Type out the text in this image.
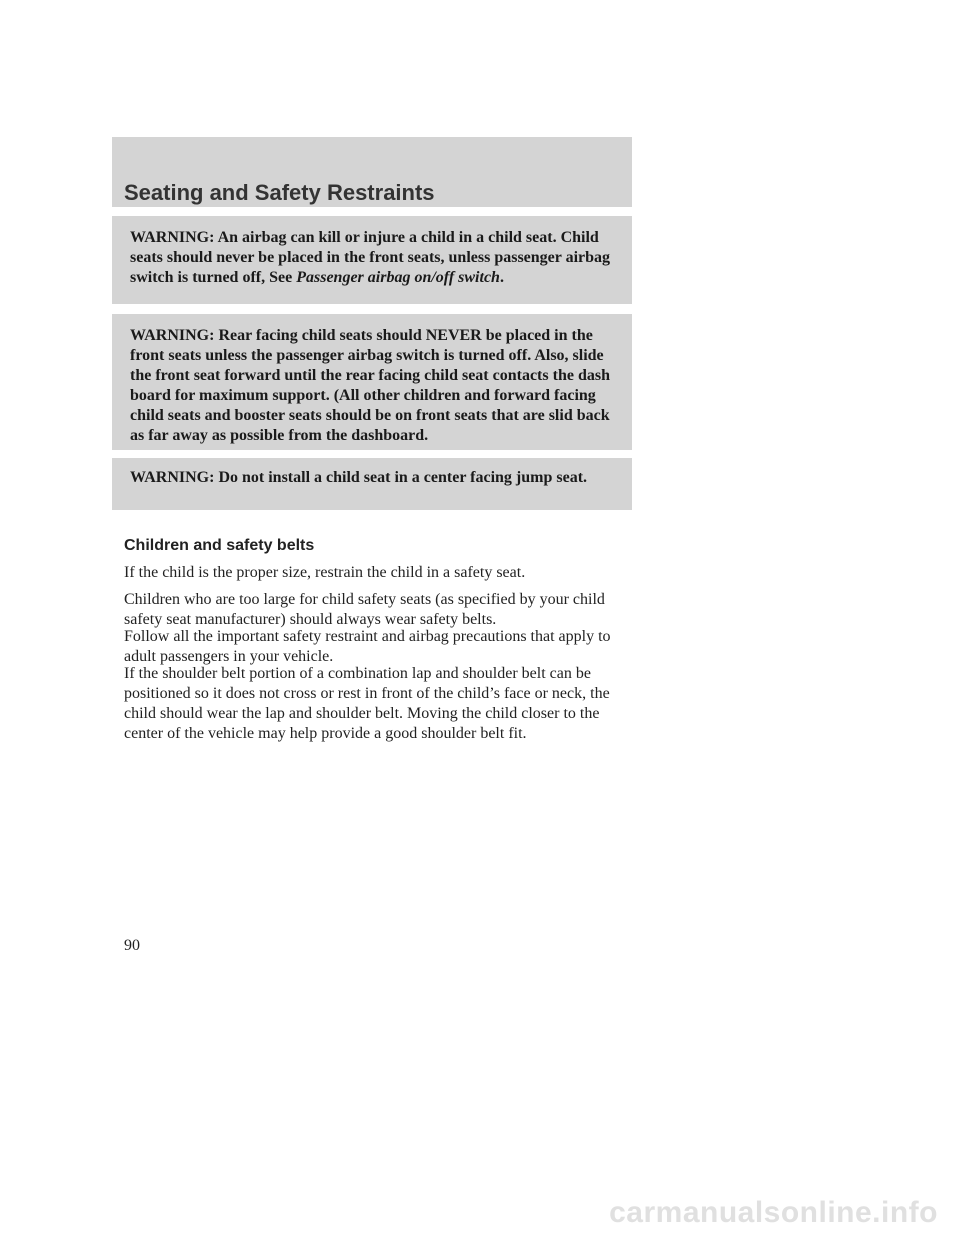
Seating and Safety Restraints

WARNING: An airbag can kill or injure a child in a child seat. Child seats should never be placed in the front seats, unless passenger airbag switch is turned off, See Passenger airbag on/off switch.

WARNING: Rear facing child seats should NEVER be placed in the front seats unless the passenger airbag switch is turned off. Also, slide the front seat forward until the rear facing child seat contacts the dash board for maximum support. (All other children and forward facing child seats and booster seats should be on front seats that are slid back as far away as possible from the dashboard.

WARNING: Do not install a child seat in a center facing jump seat.

Children and safety belts

If the child is the proper size, restrain the child in a safety seat.

Children who are too large for child safety seats (as specified by your child safety seat manufacturer) should always wear safety belts.

Follow all the important safety restraint and airbag precautions that apply to adult passengers in your vehicle.

If the shoulder belt portion of a combination lap and shoulder belt can be positioned so it does not cross or rest in front of the child’s face or neck, the child should wear the lap and shoulder belt. Moving the child closer to the center of the vehicle may help provide a good shoulder belt fit.

90

carmanualsonline.info
